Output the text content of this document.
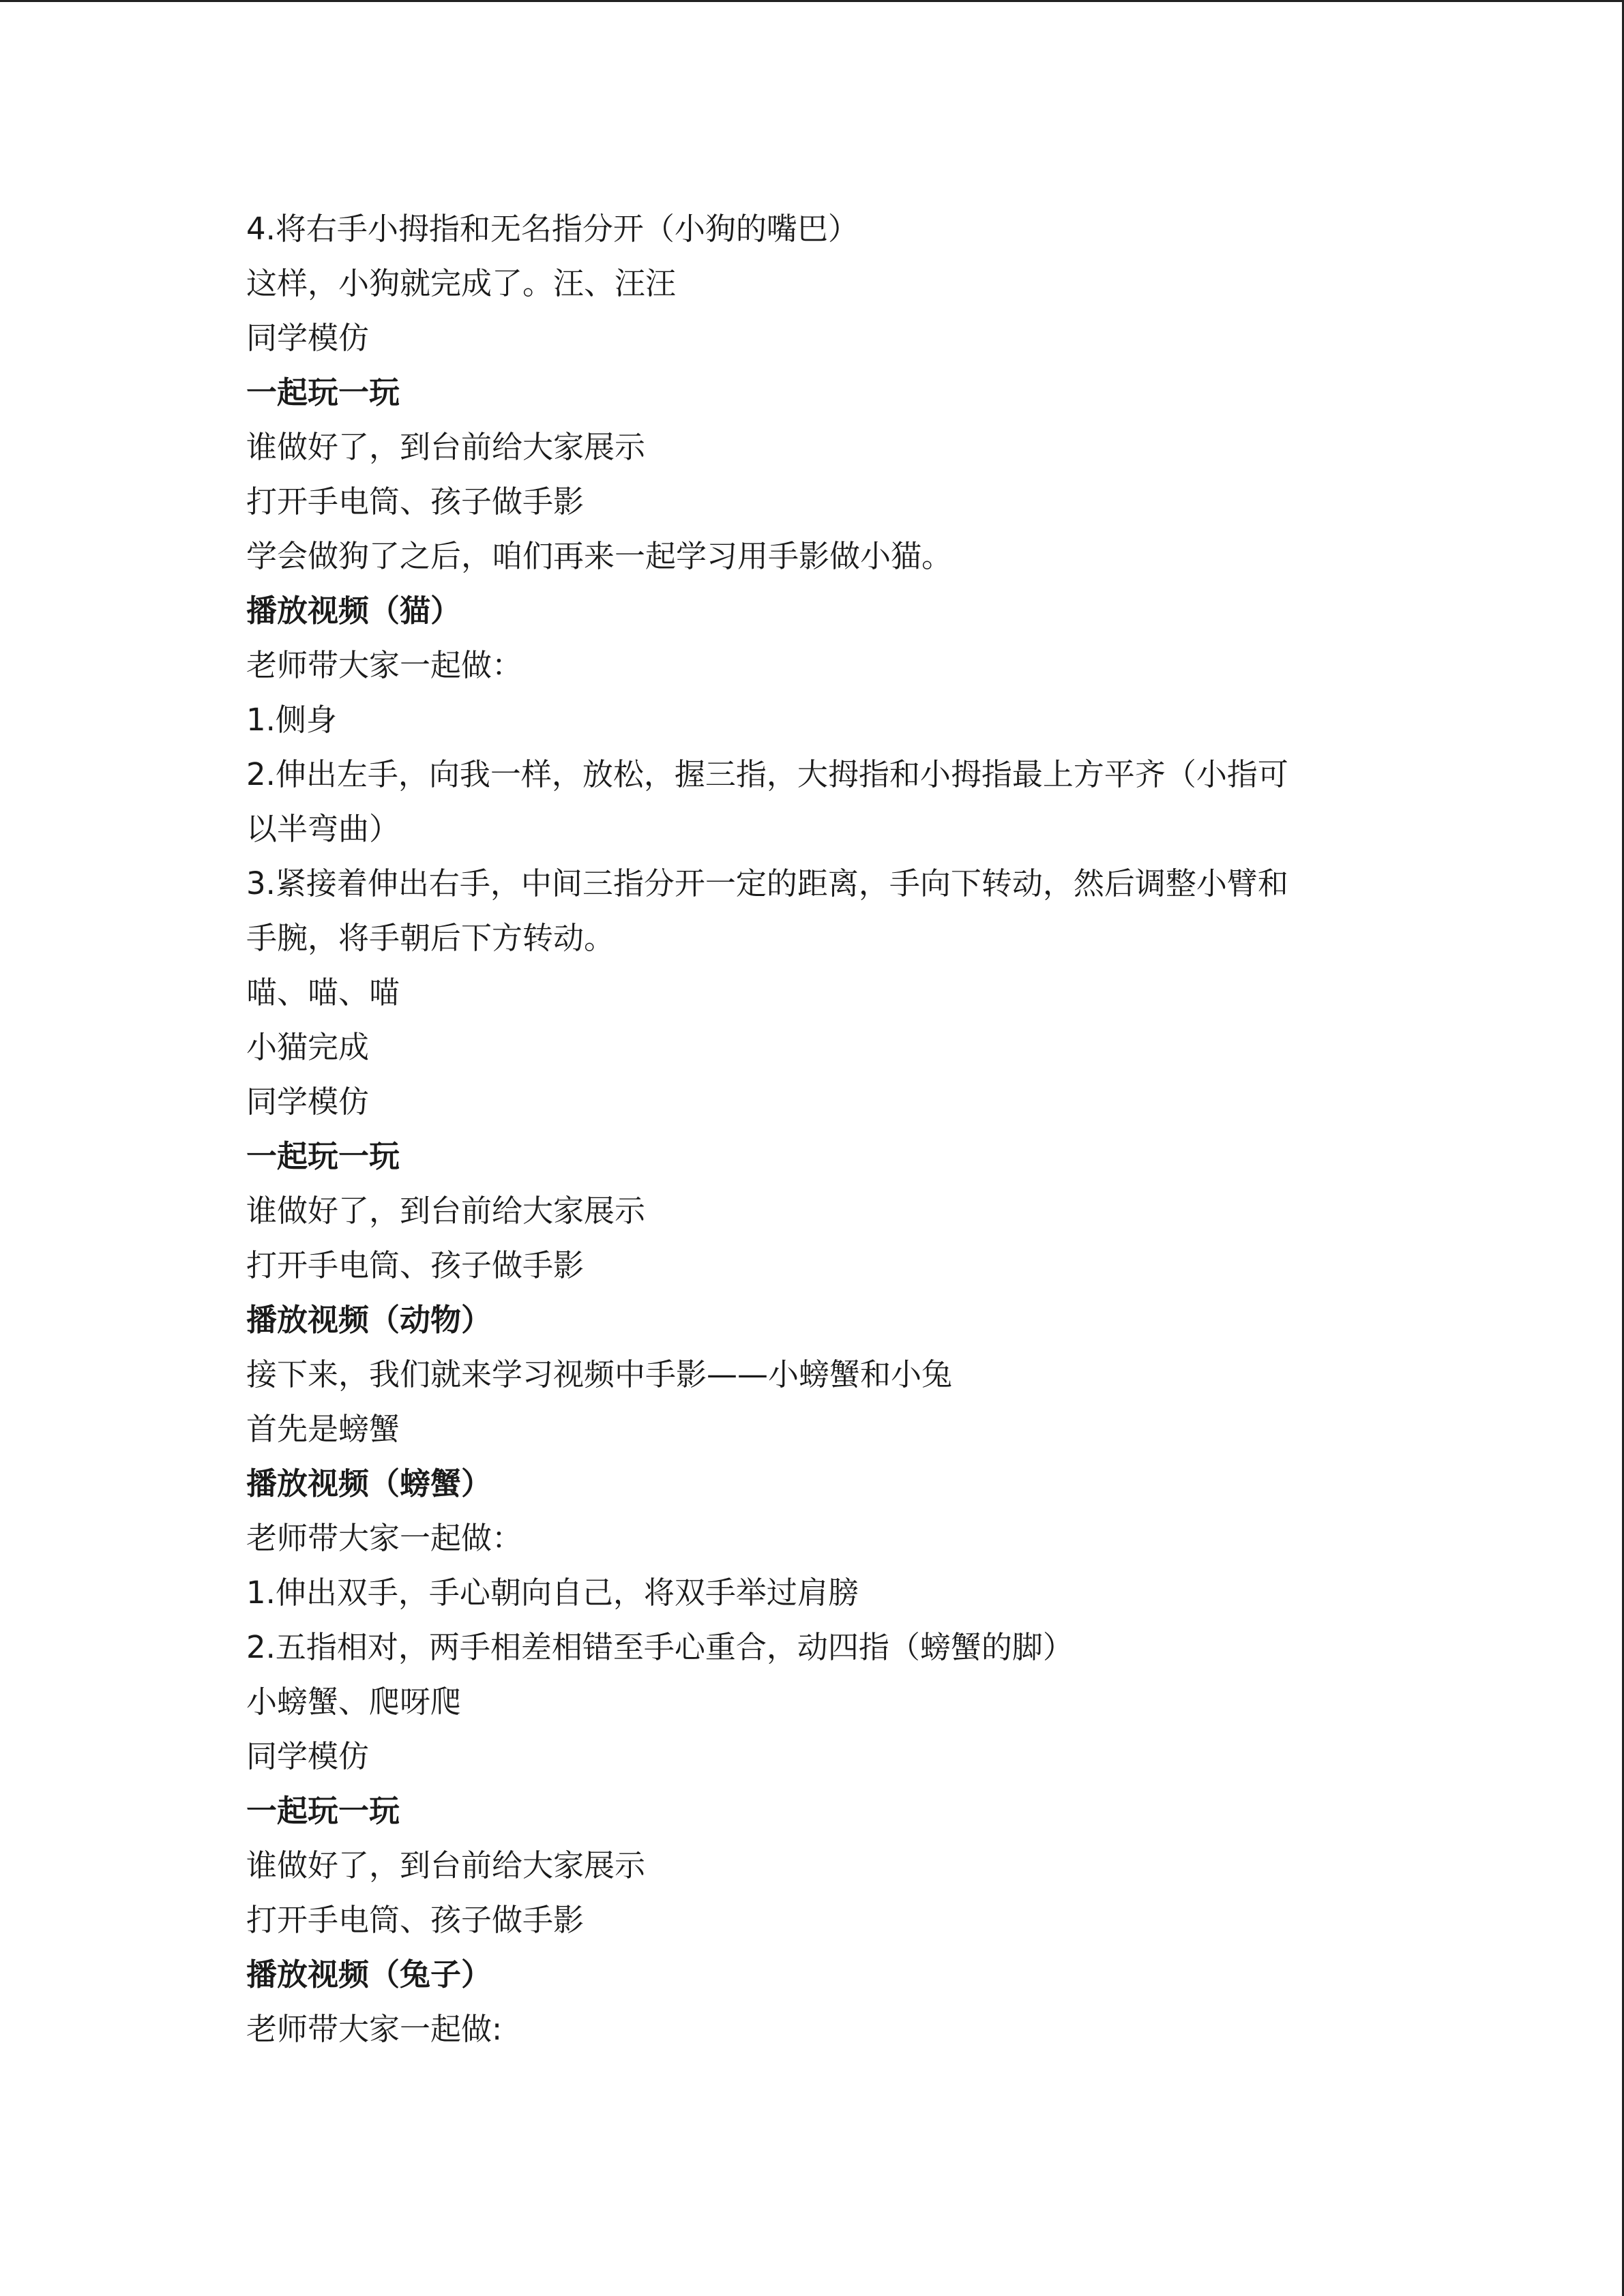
4.将右手小拇指和无名指分开（小狗的嘴巴）
这样，小狗就完成了。汪、汪汪
同学模仿
一起玩一玩
谁做好了，到台前给大家展示
打开手电筒、孩子做手影
学会做狗了之后，咱们再来一起学习用手影做小猫。
播放视频（猫）
老师带大家一起做：
1.侧身
2.伸出左手，向我一样，放松，握三指，大拇指和小拇指最上方平齐（小指可
以半弯曲）
3.紧接着伸出右手，中间三指分开一定的距离，手向下转动，然后调整小臂和
手腕，将手朝后下方转动。
喵、喵、喵
小猫完成
同学模仿
一起玩一玩
谁做好了，到台前给大家展示
打开手电筒、孩子做手影
播放视频（动物）
接下来，我们就来学习视频中手影——小螃蟹和小兔
首先是螃蟹
播放视频（螃蟹）
老师带大家一起做：
1.伸出双手，手心朝向自己，将双手举过肩膀
2.五指相对，两手相差相错至手心重合，动四指（螃蟹的脚）
小螃蟹、爬呀爬
同学模仿
一起玩一玩
谁做好了，到台前给大家展示
打开手电筒、孩子做手影
播放视频（兔子）
老师带大家一起做:
